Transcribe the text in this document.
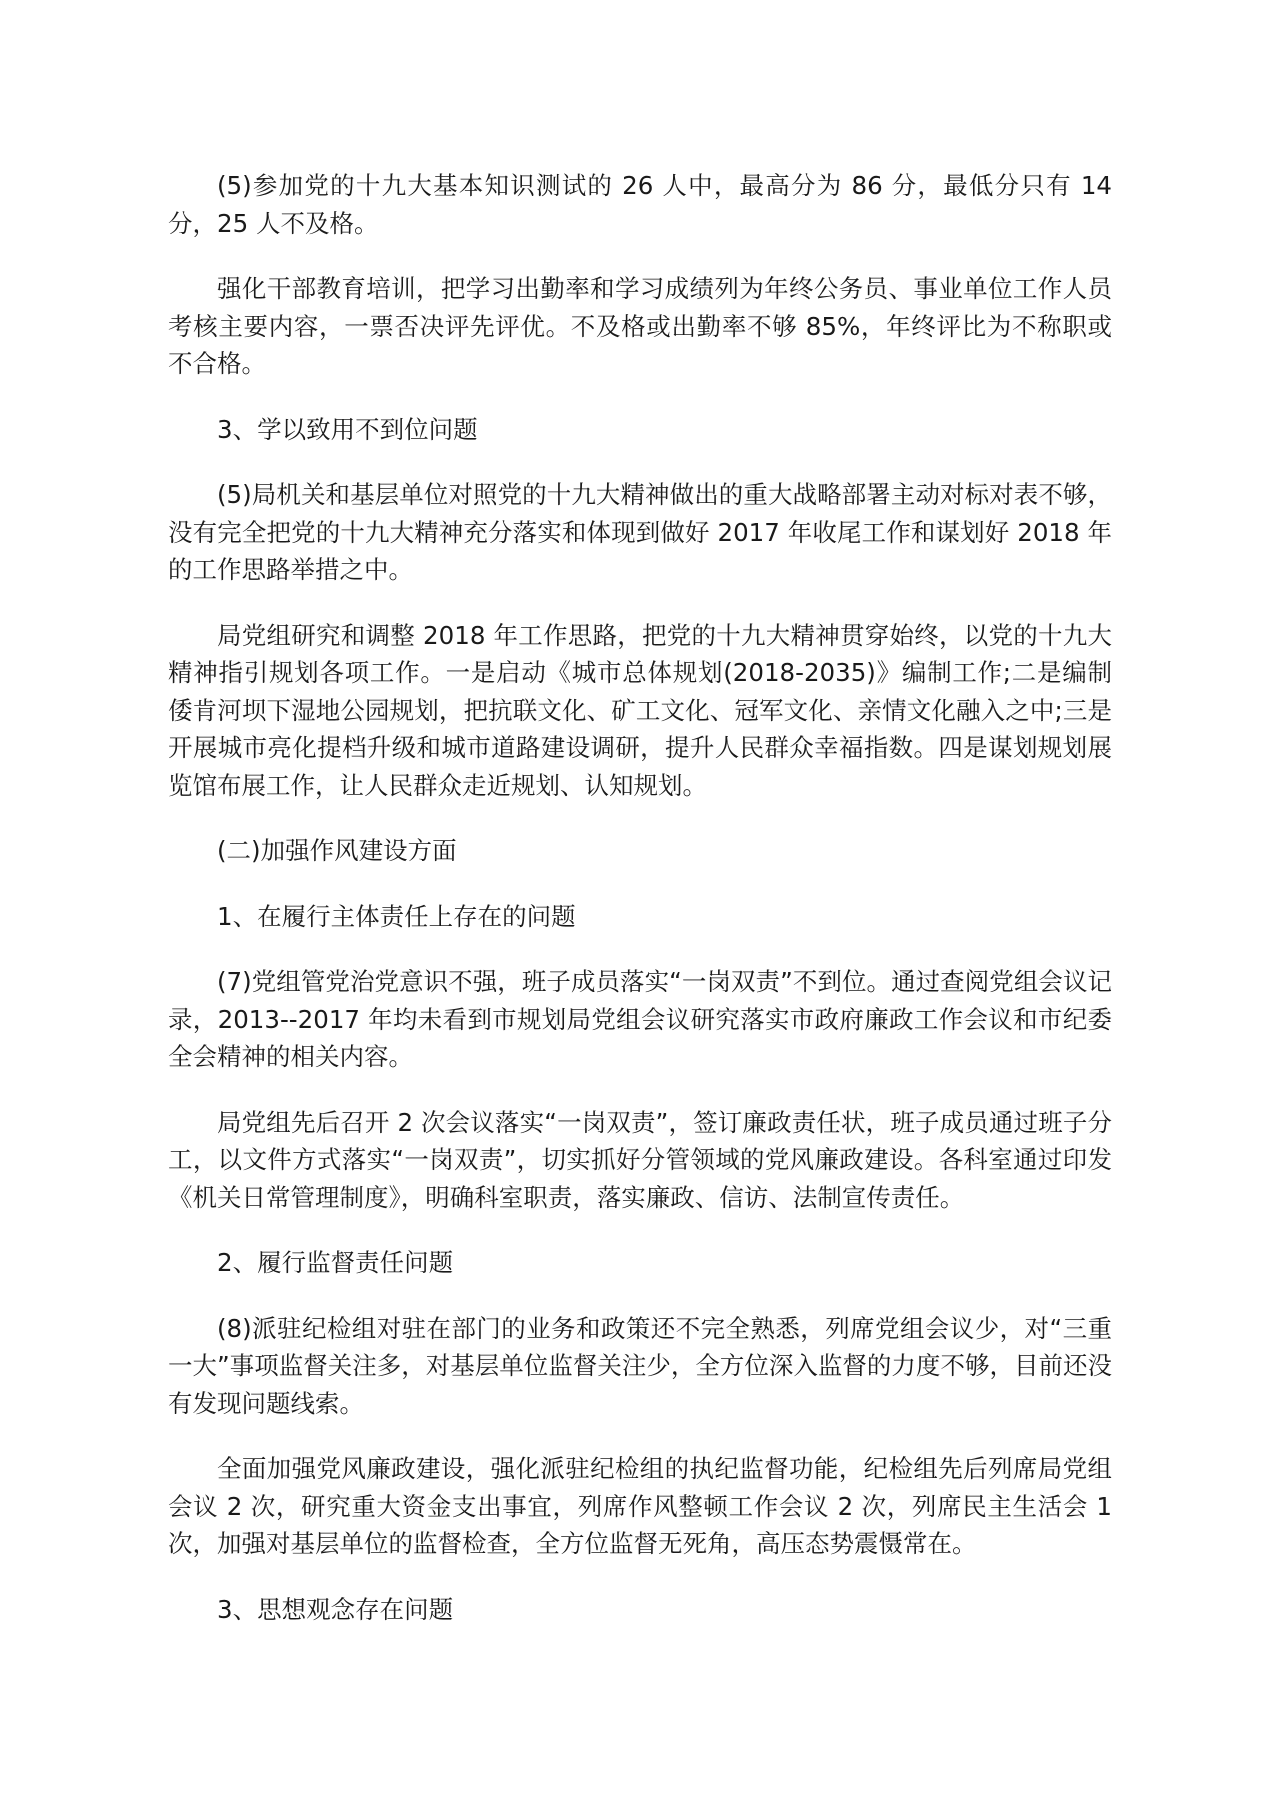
(5)参加党的十九大基本知识测试的 26 人中，最高分为 86 分，最低分只有 14 分，25 人不及格。

强化干部教育培训，把学习出勤率和学习成绩列为年终公务员、事业单位工作人员考核主要内容，一票否决评先评优。不及格或出勤率不够 85%，年终评比为不称职或不合格。

3、学以致用不到位问题

(5)局机关和基层单位对照党的十九大精神做出的重大战略部署主动对标对表不够，没有完全把党的十九大精神充分落实和体现到做好 2017 年收尾工作和谋划好 2018 年的工作思路举措之中。

局党组研究和调整 2018 年工作思路，把党的十九大精神贯穿始终，以党的十九大精神指引规划各项工作。一是启动《城市总体规划(2018-2035)》编制工作;二是编制倭肯河坝下湿地公园规划，把抗联文化、矿工文化、冠军文化、亲情文化融入之中;三是开展城市亮化提档升级和城市道路建设调研，提升人民群众幸福指数。四是谋划规划展览馆布展工作，让人民群众走近规划、认知规划。

(二)加强作风建设方面

1、在履行主体责任上存在的问题

(7)党组管党治党意识不强，班子成员落实“一岗双责”不到位。通过查阅党组会议记录，2013--2017 年均未看到市规划局党组会议研究落实市政府廉政工作会议和市纪委全会精神的相关内容。

局党组先后召开 2 次会议落实“一岗双责”，签订廉政责任状，班子成员通过班子分工，以文件方式落实“一岗双责”，切实抓好分管领域的党风廉政建设。各科室通过印发《机关日常管理制度》，明确科室职责，落实廉政、信访、法制宣传责任。

2、履行监督责任问题

(8)派驻纪检组对驻在部门的业务和政策还不完全熟悉，列席党组会议少，对“三重一大”事项监督关注多，对基层单位监督关注少，全方位深入监督的力度不够，目前还没有发现问题线索。

全面加强党风廉政建设，强化派驻纪检组的执纪监督功能，纪检组先后列席局党组会议 2 次，研究重大资金支出事宜，列席作风整顿工作会议 2 次，列席民主生活会 1 次，加强对基层单位的监督检查，全方位监督无死角，高压态势震慑常在。

3、思想观念存在问题
